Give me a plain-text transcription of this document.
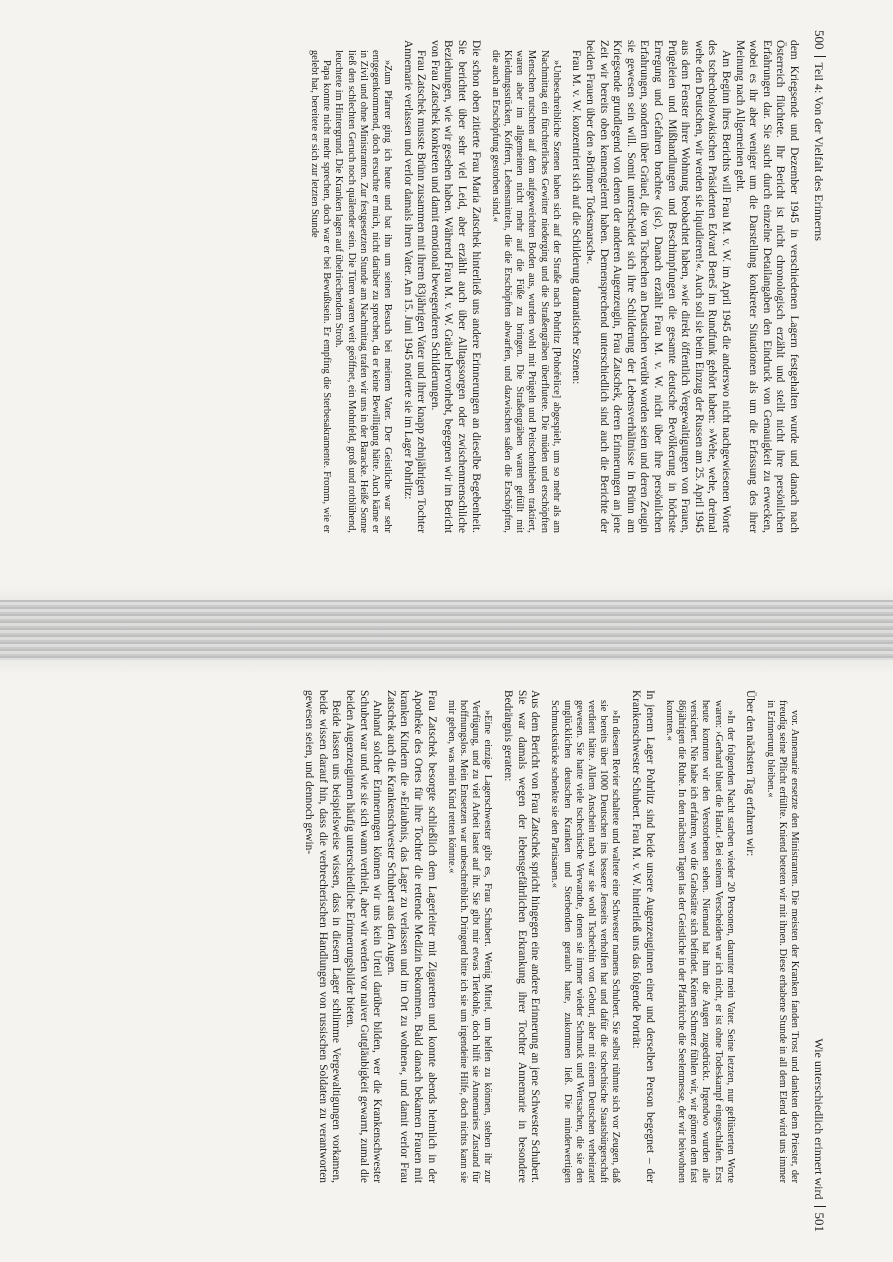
500Teil 4: Von der Vielfalt des Erinnerns

dem Kriegsende und Dezember 1945 in verschiedenen Lagern festgehalten wurde und danach nach Österreich flüchtete. Ihr Bericht ist nicht chronologisch erzählt und stellt nicht ihre persönlichen Erfahrungen dar. Sie sucht durch einzelne Detailangaben den Eindruck von Genauigkeit zu erwecken, wobei es ihr aber weniger um die Darstellung konkreter Situationen als um die Erfassung des ihrer Meinung nach Allgemeinen geht.

Am Beginn ihres Berichts will Frau M. v. W. im April 1945 die anderswo nicht nachgewiesenen Worte des tschechoslowakischen Präsidenten Edvard Beneš im Rundfunk gehört haben: »Wehe, wehe, dreimal wehe den Deutschen, wir werden sie liquidieren!«. Auch soll sie beim Einzug der Russen am 25. April 1945 aus dem Fenster ihrer Wohnung beobachtet haben, »wie direkt öffentlich Vergewaltigungen von Frauen, Prügeleien und Mißhandlungen und Beschimpfungen die gesamte deutsche Bevölkerung in höchste Erregung und Gefahren brachte« (sic). Danach erzählt Frau M. v. W. nicht über ihre persönlichen Erfahrungen, sondern über Gräuel, die von Tschechen an Deutschen verübt worden seien und deren Zeugin sie gewesen sein will. Somit unterscheidet sich ihre Schilderung der Lebensverhältnisse in Brünn am Kriegsende grundlegend von denen der anderen Augenzeugin, Frau Zatschek, deren Erinnerungen an jene Zeit wir bereits oben kennengelernt haben. Demensprechend unterschiedlich sind auch die Berichte der beiden Frauen über den »Brünner Todesmarsch«.

Frau M. v. W. konzentriert sich auf die Schilderung dramatischer Szenen:

»Unbeschreibliche Szenen haben sich auf der Straße nach Pohrlitz [Pohořelice] abgespielt, um so mehr als am Nachmittag ein fürchterliches Gewitter niederging und die Straßengräben überflutete. Die müden und erschöpften Menschen rutschten auf dem aufgeweichten Boden aus, wurden wohl mit Prügeln und Peitschenhieben traktiert, waren aber im allgemeinen nicht mehr auf die Füße zu bringen. Die Straßengräben waren gefüllt mit Kleidungsstücken, Koffern, Lebensmitteln, die die Erschöpften abwarfen, und dazwischen saßen die Erschöpften, die auch an Erschöpfung gestorben sind.«

Die schon oben zitierte Frau Maria Zatschek hinterließ uns andere Erinnerungen an dieselbe Begebenheit. Sie berichtet über sehr viel Leid, aber erzählt auch über Alltagssorgen oder zwischenmenschliche Beziehungen, wie wir gesehen haben. Während Frau M. v. W. Gräuel hervorhebt, begegnen wir im Bericht von Frau Zatschek konkreten und damit emotional bewegenderen Schilderungen.

Frau Zatschek musste Brünn zusammen mit ihrem 83jährigen Vater und ihrer knapp zehnjährigen Tochter Annemarie verlassen und verlor damals ihren Vater. Am 15. Juni 1945 notierte sie im Lager Pohrlitz:

»Zum Pfarrer ging ich heute und bat ihn um seinen Besuch bei meinem Vater. Der Geistliche war sehr entgegenkommend, doch ersuchte er mich, nicht darüber zu sprechen, da er keine Bewilligung hätte. Auch käme er in Zivil und ohne Ministranten. Zur festgesetzten Stunde am Nachmittag trafen wir uns in der Baracke. Heiße Sonne ließ den schlechten Geruch noch quälender sein. Die Türen waren weit geöffnet, ein Mohnfeld, groß und rotblühend, leuchtete im Hintergrund. Die Kranken lagen auf übelriechendem Stroh.

Papa konnte nicht mehr sprechen, doch war er bei Bewußtsein. Er empfing die Sterbesakramente. Fromm, wie er gelebt hat, bereitete er sich zur letzten Stunde

Wie unterschiedlich erinnert wird501

vor. Annemarie ersetzte den Ministranten. Die meisten der Kranken fanden Trost und dankten dem Priester, der freudig seine Pflicht erfüllte. Kniend beteten wir mit ihnen. Diese erhabene Stunde in all dem Elend wird uns immer in Erinnerung bleiben.«

Über den nächsten Tag erfahren wir:

»In der folgenden Nacht starben wieder 20 Personen, darunter mein Vater. Seine letzten, nur geflüsterten Worte waren: ›Gerhard bluet die Hand.‹ Bei seinem Verscheiden war ich nicht, er ist ohne Todeskampf eingeschlafen. Erst heute konnten wir den Verstorbenen sehen. Niemand hat ihm die Augen zugedrückt. Irgendwo wurden alle versichert. Nie habe ich erfahren, wo die Grabstätte sich befindet. Keinen Schmerz fühlen wir, wir gönnen dem fast 86jährigen die Ruhe. In den nächsten Tagen las der Geistliche in der Pfarrkirche die Seelenmesse, der wir beiwohnen konnten.«

In jenem Lager Pohrlitz sind beide unsere Augenzeuginnen einer und derselben Person begegnet – der Krankenschwester Schubert. Frau M. v. W. hinterließ uns das folgende Porträt:

»In diesem Revier schaltete und waltete eine Schwester namens Schubert. Sie selbst rühmte sich vor Zeugen, daß sie bereits über 1000 Deutschen ins bessere Jenseits verholfen hat und dafür die tschechische Staatsbürgerschaft verdient hätte. Allem Anschein nach war sie wohl Tschechin von Geburt, aber mit einem Deutschen verheiratet gewesen. Sie hatte viele tschechische Verwandte, denen sie immer wieder Schmuck und Wertsachen, die sie den unglücklichen deutschen Kranken und Sterbenden geraubt hatte, zukommen ließ. Die minderwertigen Schmuckstücke schenkte sie den Partisanen.«

Aus dem Bericht von Frau Zatschek spricht hingegen eine andere Erinnerung an jene Schwester Schubert. Sie war damals wegen der lebensgefährlichen Erkrankung ihrer Tochter Annemarie in besondere Bedrängnis geraten:

»Eine einzige Lagerschwester gibt es, Frau Schubert. Wenig Mittel, um helfen zu können, stehen ihr zur Verfügung, und zu viel Arbeit lastet auf ihr. Sie gibt mir etwas Tierkohle, doch hilft sie Annemaries Zustand für hoffnungslos. Mein Entsetzen war unbeschreiblich. Dringend bitte ich sie um irgendeine Hilfe, doch nichts kann sie mir geben, was mein Kind retten könnte.«

Frau Zatschek besorgte schließlich dem Lagerleiter mit Zigaretten und konnte abends heimlich in der Apotheke des Ortes für ihre Tochter die rettende Medizin bekommen. Bald danach bekamen Frauen mit kranken Kindern die »Erlaubnis, das Lager zu verlassen und im Ort zu wohnen«, und damit verlor Frau Zatschek auch die Krankenschwester Schubert aus den Augen.

Anhand solcher Erinnerungen können wir uns kein Urteil darüber bilden, wer die Krankenschwester Schubert war und wie sie sich wann verhielt, aber wir werden vor naiver Gutgläubigkeit gewarnt, zumal die beiden Augenzeuginnen häufig unterschiedliche Erinnerungsbilder bieten.

Beide lassen uns beispielsweise wissen, dass in diesem Lager schlimme Vergewaltigungen vorkamen, beide wissen darauf hin, dass die verbrecherischen Handlungen von russischen Soldaten zu verantworten gewesen seien, und dennoch gewin-
